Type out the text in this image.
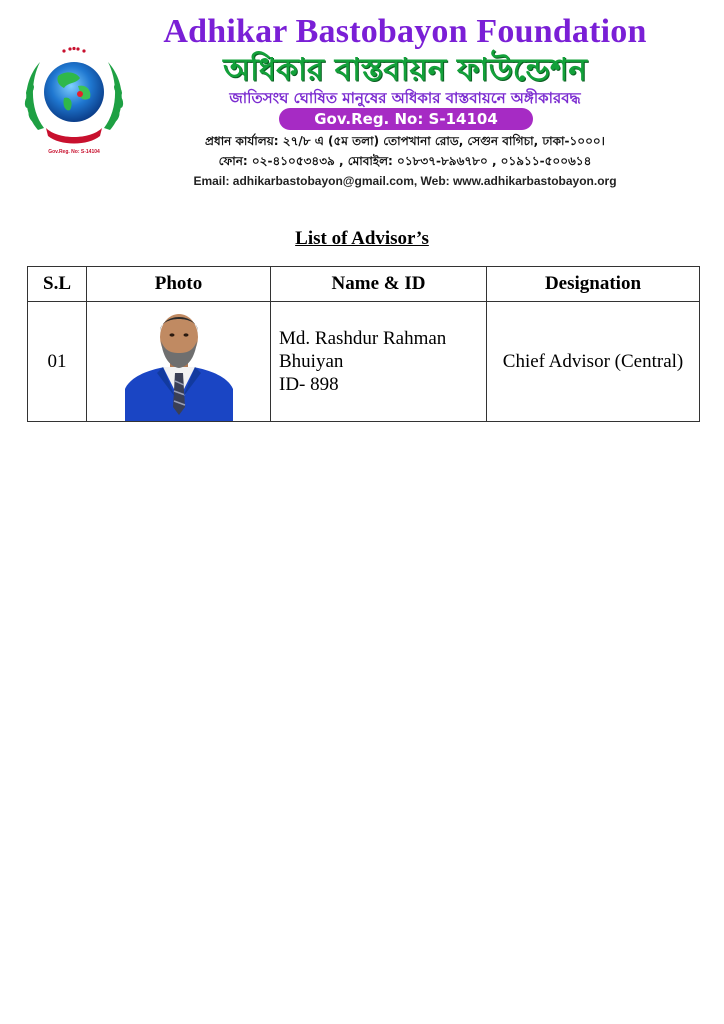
ABF
Gov.Reg. No: S-14104
Adhikar Bastobayon Foundation
অধিকার বাস্তবায়ন ফাউন্ডেশন
জাতিসংঘ ঘোষিত মানুষের অধিকার বাস্তবায়নে অঙ্গীকারবদ্ধ
Gov.Reg. No: S-14104
প্রধান কার্যালয়: ২৭/৮ এ (৫ম তলা) তোপখানা রোড, সেগুন বাগিচা, ঢাকা-১০০০।
ফোন: ০২-৪১০৫৩৪৩৯ , মোবাইল: ০১৮৩৭-৮৯৬৭৮০ , ০১৯১১-৫০০৬১৪
Email: adhikarbastobayon@gmail.com, Web: www.adhikarbastobayon.org
List of Advisor’s
S.L	Photo	Name & ID	Designation
01		Md. Rashdur Rahman
Bhuiyan
ID- 898	Chief Advisor (Central)
